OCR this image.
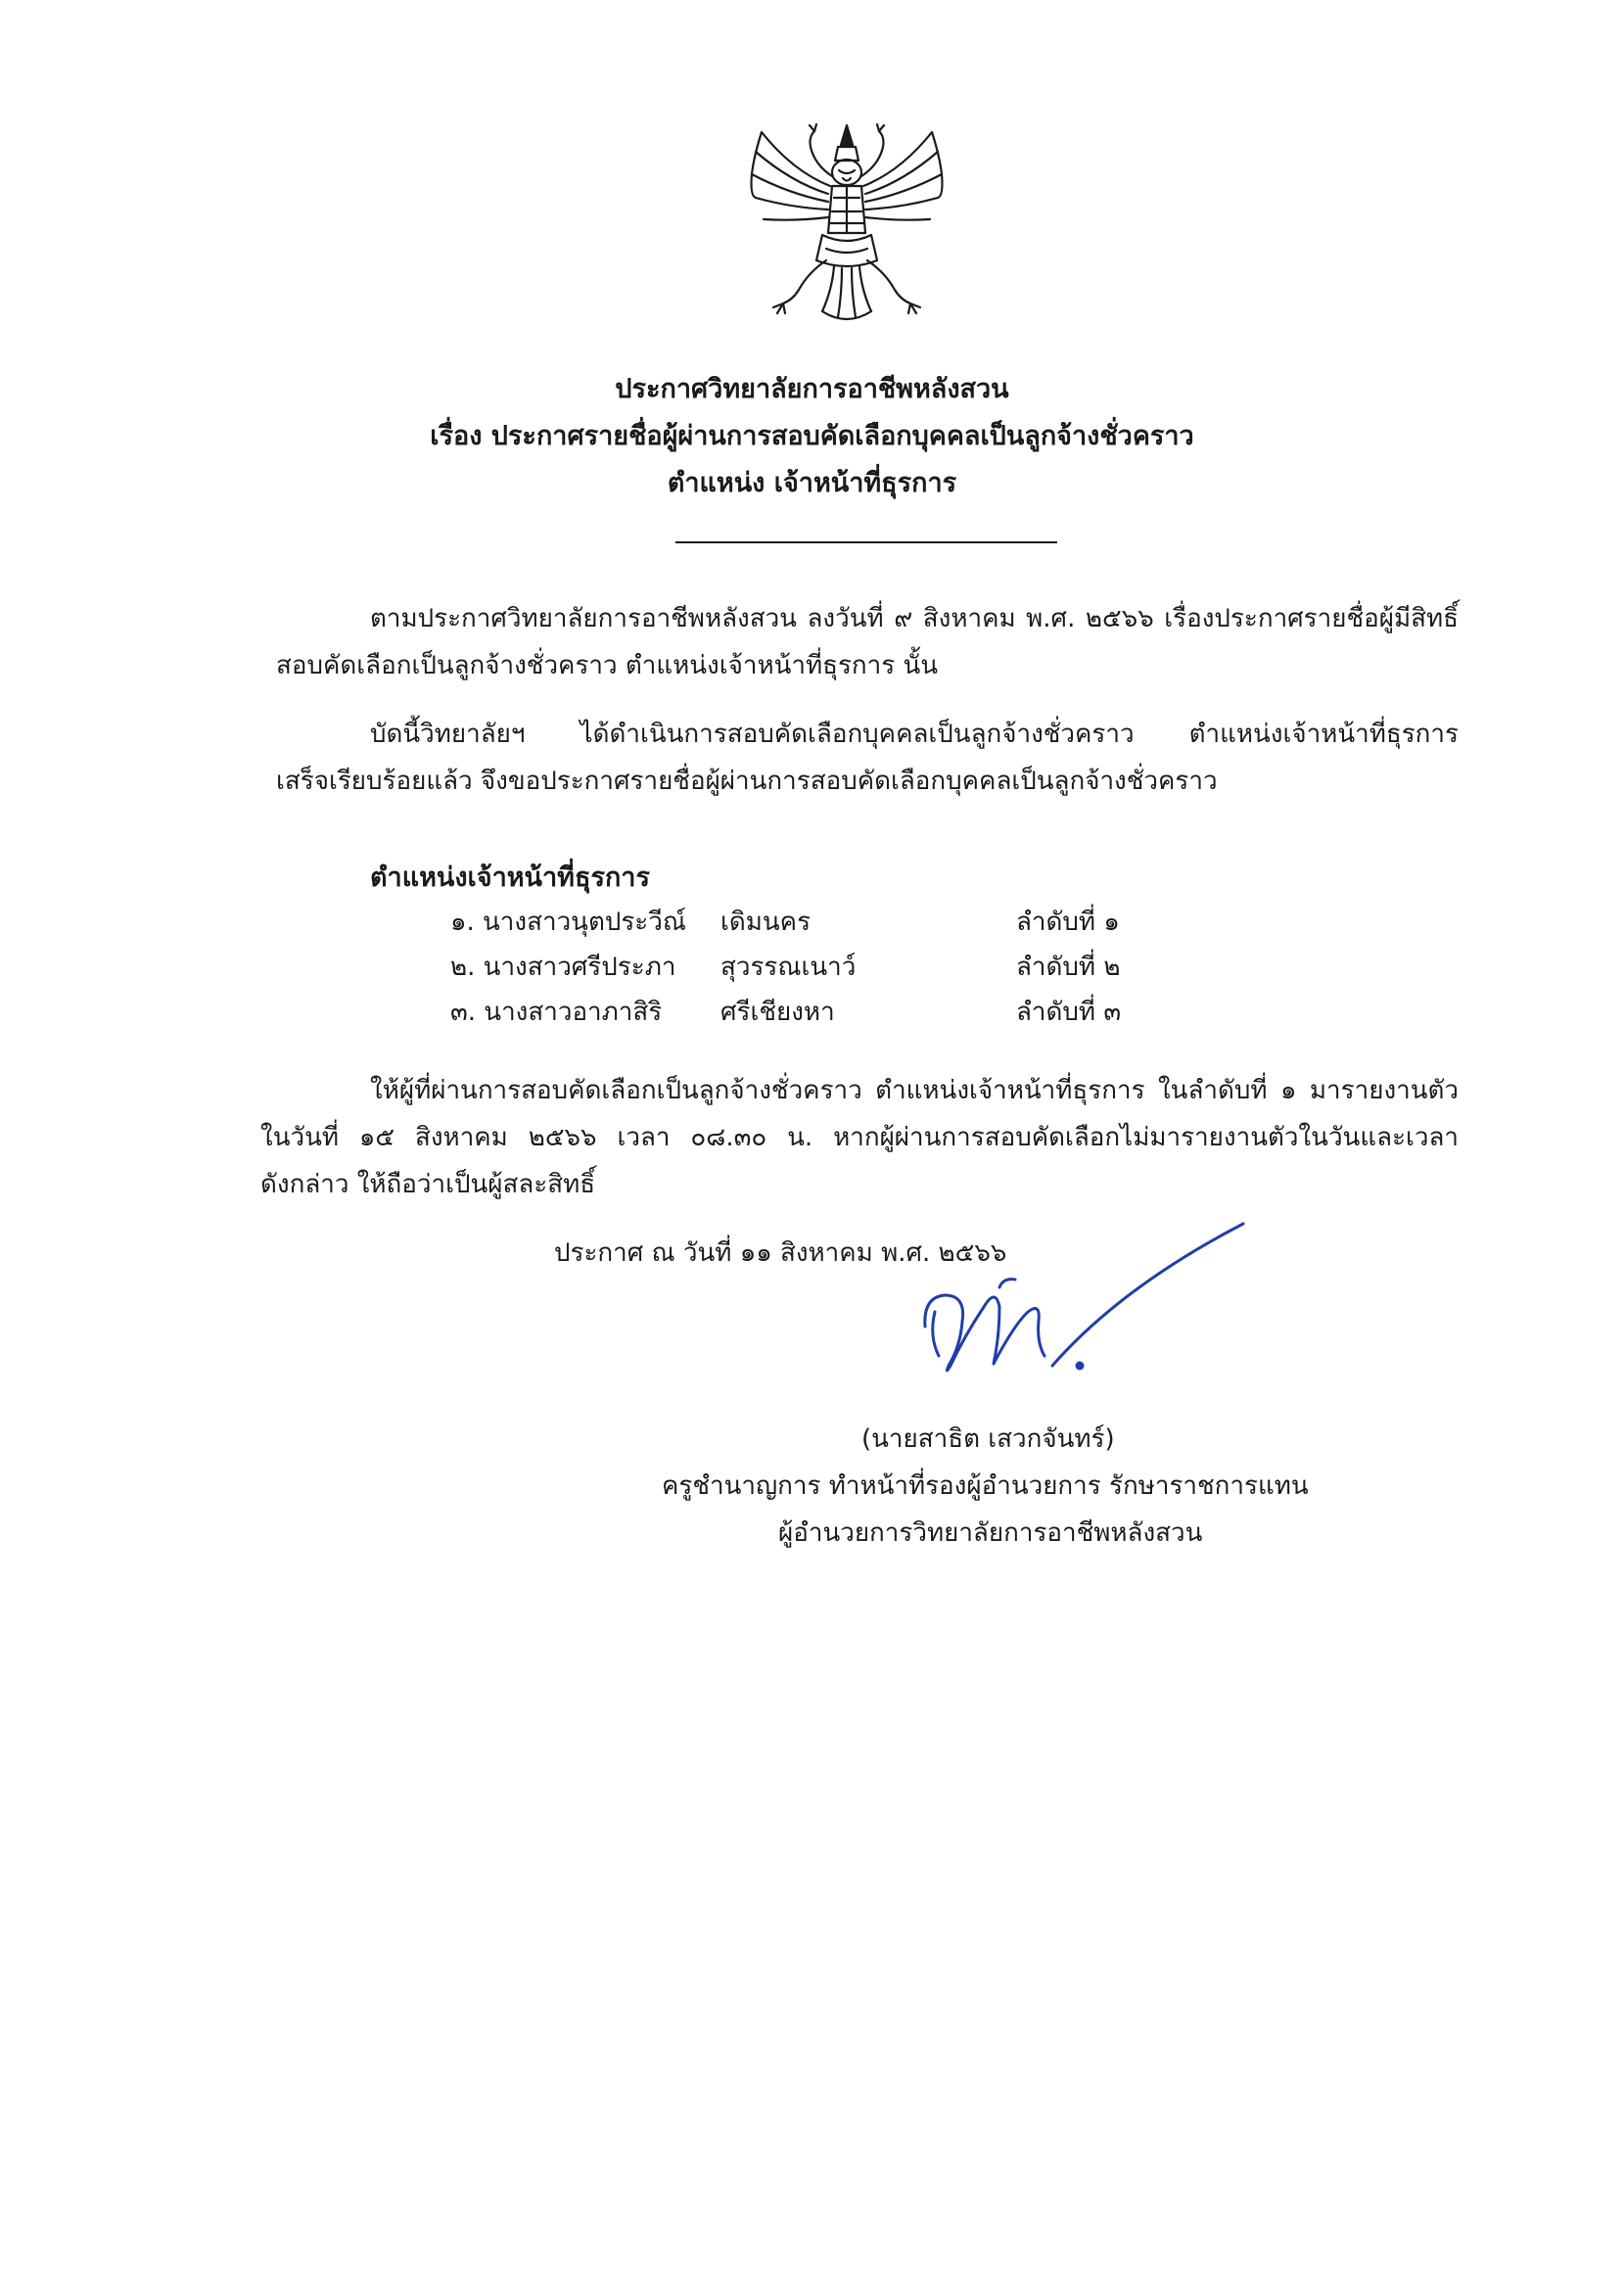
ประกาศวิทยาลัยการอาชีพหลังสวน
เรื่อง ประกาศรายชื่อผู้ผ่านการสอบคัดเลือกบุคคลเป็นลูกจ้างชั่วคราว
ตำแหน่ง เจ้าหน้าที่ธุรการ
ตามประกาศวิทยาลัยการอาชีพหลังสวน ลงวันที่ ๙ สิงหาคม พ.ศ. ๒๕๖๖ เรื่องประกาศรายชื่อผู้มีสิทธิ์
สอบคัดเลือกเป็นลูกจ้างชั่วคราว ตำแหน่งเจ้าหน้าที่ธุรการ นั้น
บัดนี้วิทยาลัยฯ ได้ดำเนินการสอบคัดเลือกบุคคลเป็นลูกจ้างชั่วคราว ตำแหน่งเจ้าหน้าที่ธุรการ
เสร็จเรียบร้อยแล้ว จึงขอประกาศรายชื่อผู้ผ่านการสอบคัดเลือกบุคคลเป็นลูกจ้างชั่วคราว
ตำแหน่งเจ้าหน้าที่ธุรการ
๑. นางสาวนุตประวีณ์ เดิมนคร	ลำดับที่ ๑
๒. นางสาวศรีประภา สุวรรณเนาว์	ลำดับที่ ๒
๓. นางสาวอาภาสิริ ศรีเชียงหา	ลำดับที่ ๓
ให้ผู้ที่ผ่านการสอบคัดเลือกเป็นลูกจ้างชั่วคราว ตำแหน่งเจ้าหน้าที่ธุรการ ในลำดับที่ ๑ มารายงานตัว
ในวันที่ ๑๕ สิงหาคม ๒๕๖๖ เวลา ๐๘.๓๐ น. หากผู้ผ่านการสอบคัดเลือกไม่มารายงานตัวในวันและเวลา
ดังกล่าว ให้ถือว่าเป็นผู้สละสิทธิ์
ประกาศ ณ วันที่ ๑๑ สิงหาคม พ.ศ. ๒๕๖๖
(นายสาธิต เสวกจันทร์)
ครูชำนาญการ ทำหน้าที่รองผู้อำนวยการ รักษาราชการแทน
ผู้อำนวยการวิทยาลัยการอาชีพหลังสวน
